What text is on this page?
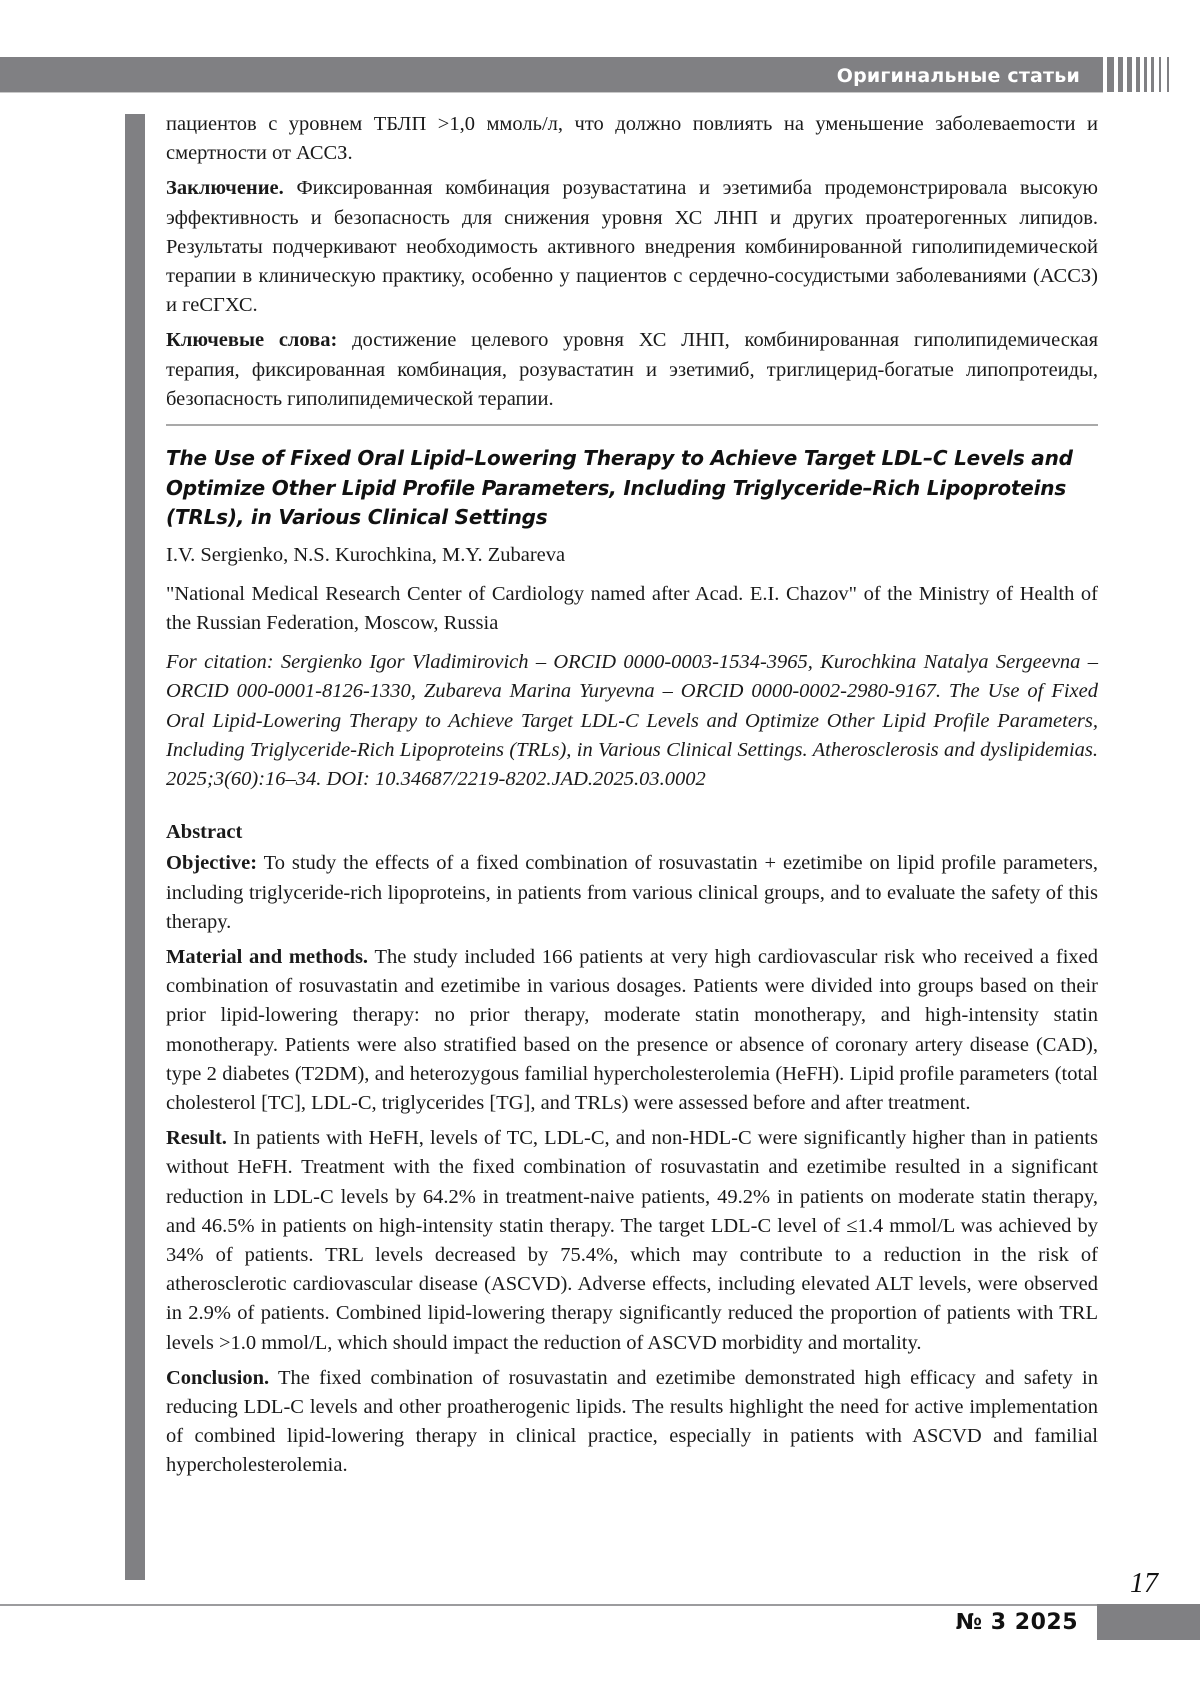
Оригинальные статьи

пациентов с уровнем ТБЛП >1,0 ммоль/л, что должно повлиять на уменьшение заболеваеmости и смертности от АССЗ.

Заключение. Фиксированная комбинация розувастатина и эзетимиба продемонстрировала высокую эффективность и безопасность для снижения уровня ХС ЛНП и других проатерогенных липидов. Результаты подчеркивают необходимость активного внедрения комбинированной гиполипидемической терапии в клиническую практику, особенно у пациентов с сердечно-сосудистыми заболеваниями (АССЗ) и геСГХС.

Ключевые слова: достижение целевого уровня ХС ЛНП, комбинированная гиполипидемическая терапия, фиксированная комбинация, розувастатин и эзетимиб, триглицерид-богатые липопротеиды, безопасность гиполипидемической терапии.

The Use of Fixed Oral Lipid–Lowering Therapy to Achieve Target LDL–C Levels and Optimize Other Lipid Profile Parameters, Including Triglyceride–Rich Lipoproteins (TRLs), in Various Clinical Settings

I.V. Sergienko, N.S. Kurochkina, M.Y. Zubareva

"National Medical Research Center of Cardiology named after Acad. E.I. Chazov" of the Ministry of Health of the Russian Federation, Moscow, Russia

For citation: Sergienko Igor Vladimirovich – ORCID 0000-0003-1534-3965, Kurochkina Natalya Sergeevna – ORCID 000-0001-8126-1330, Zubareva Marina Yuryevna – ORCID 0000-0002-2980-9167. The Use of Fixed Oral Lipid-Lowering Therapy to Achieve Target LDL-C Levels and Optimize Other Lipid Profile Parameters, Including Triglyceride-Rich Lipoproteins (TRLs), in Various Clinical Settings. Atherosclerosis and dyslipidemias. 2025;3(60):16–34. DOI: 10.34687/2219-8202.JAD.2025.03.0002

Abstract

Objective: To study the effects of a fixed combination of rosuvastatin + ezetimibe on lipid profile parameters, including triglyceride-rich lipoproteins, in patients from various clinical groups, and to evaluate the safety of this therapy.

Material and methods. The study included 166 patients at very high cardiovascular risk who received a fixed combination of rosuvastatin and ezetimibe in various dosages. Patients were divided into groups based on their prior lipid-lowering therapy: no prior therapy, moderate statin monotherapy, and high-intensity statin monotherapy. Patients were also stratified based on the presence or absence of coronary artery disease (CAD), type 2 diabetes (T2DM), and heterozygous familial hypercholesterolemia (HeFH). Lipid profile parameters (total cholesterol [TC], LDL-C, triglycerides [TG], and TRLs) were assessed before and after treatment.

Result. In patients with HeFH, levels of TC, LDL-C, and non-HDL-C were significantly higher than in patients without HeFH. Treatment with the fixed combination of rosuvastatin and ezetimibe resulted in a significant reduction in LDL-C levels by 64.2% in treatment-naive patients, 49.2% in patients on moderate statin therapy, and 46.5% in patients on high-intensity statin therapy. The target LDL-C level of ≤1.4 mmol/L was achieved by 34% of patients. TRL levels decreased by 75.4%, which may contribute to a reduction in the risk of atherosclerotic cardiovascular disease (ASCVD). Adverse effects, including elevated ALT levels, were observed in 2.9% of patients. Combined lipid-lowering therapy significantly reduced the proportion of patients with TRL levels >1.0 mmol/L, which should impact the reduction of ASCVD morbidity and mortality.

Conclusion. The fixed combination of rosuvastatin and ezetimibe demonstrated high efficacy and safety in reducing LDL-C levels and other proatherogenic lipids. The results highlight the need for active implementation of combined lipid-lowering therapy in clinical practice, especially in patients with ASCVD and familial hypercholesterolemia.

17
№ 3 2025
